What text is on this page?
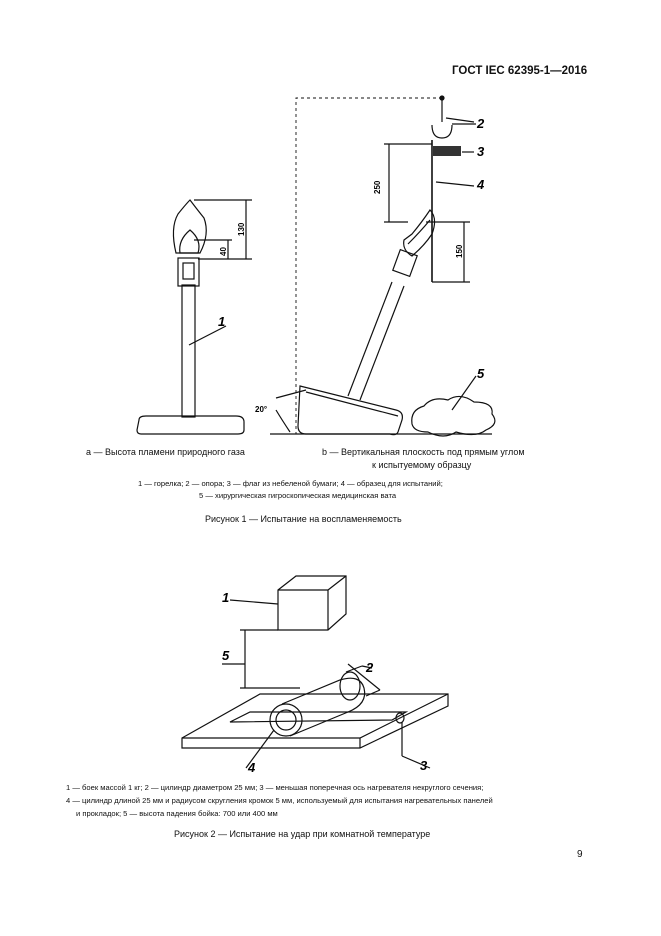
ГОСТ IEC 62395-1—2016
130
40
250
150
20°
1
2
3
4
5
1
2
3
4
5
а — Высота пламени природного газа	b — Вертикальная плоскость под прямым углом
к испытуемому образцу
1 — горелка; 2 — опора; 3 — флаг из небеленой бумаги; 4 — образец для испытаний;
5 — хирургическая гигроскопическая медицинская вата
Рисунок 1 — Испытание на воспламеняемость
1 — боек массой 1 кг; 2 — цилиндр диаметром 25 мм; 3 — меньшая поперечная ось нагревателя некруглого сечения;
4 — цилиндр длиной 25 мм и радиусом скругления кромок 5 мм, используемый для испытания нагревательных панелей
и прокладок; 5 — высота падения бойка: 700 или 400 мм
Рисунок 2 — Испытание на удар при комнатной температуре
9
